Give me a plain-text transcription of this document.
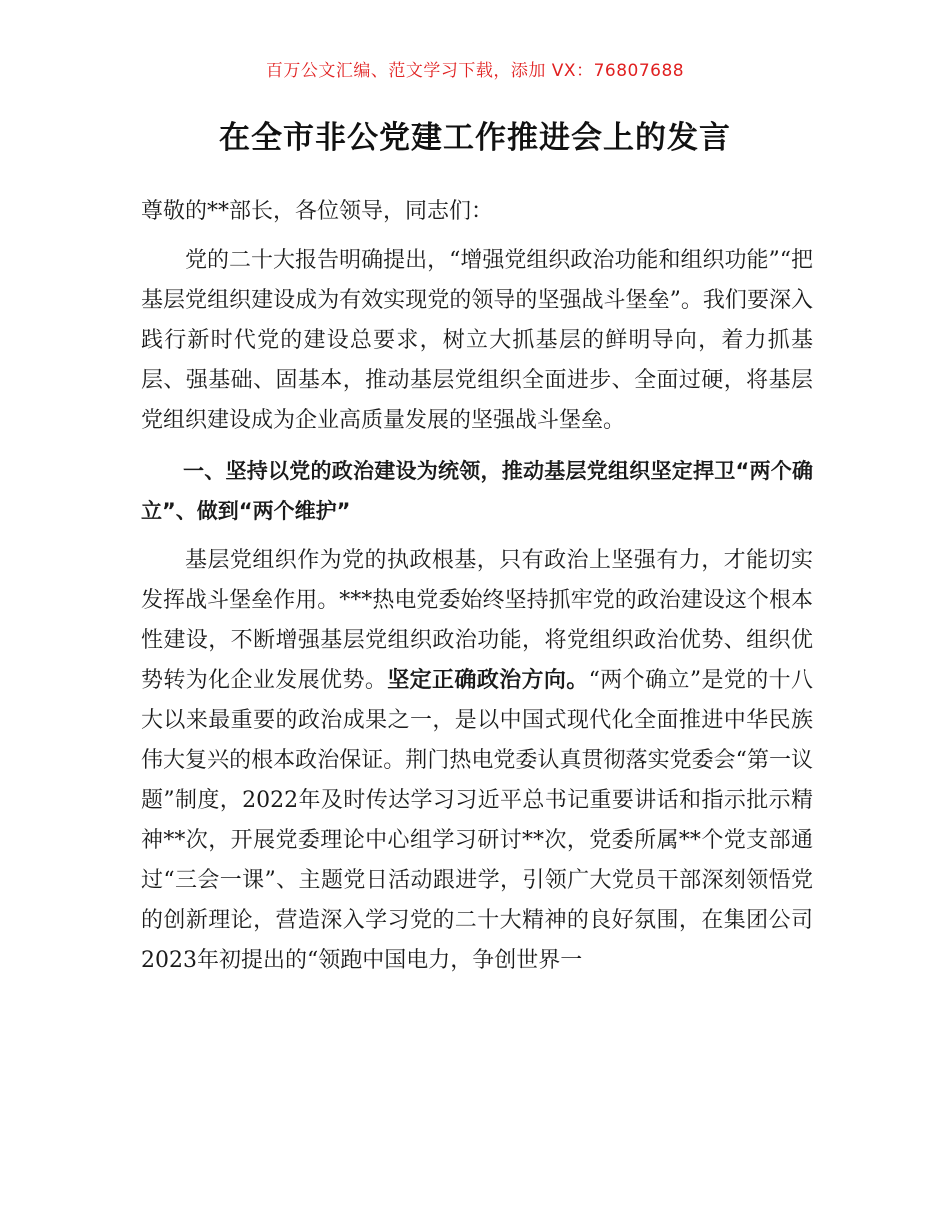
百万公文汇编、范文学习下载，添加 VX：76807688
在全市非公党建工作推进会上的发言

尊敬的**部长，各位领导，同志们：

党的二十大报告明确提出，“增强党组织政治功能和组织功能”“把基层党组织建设成为有效实现党的领导的坚强战斗堡垒”。我们要深入践行新时代党的建设总要求，树立大抓基层的鲜明导向，着力抓基层、强基础、固基本，推动基层党组织全面进步、全面过硬，将基层党组织建设成为企业高质量发展的坚强战斗堡垒。

一、坚持以党的政治建设为统领，推动基层党组织坚定捍卫“两个确立”、做到“两个维护”

基层党组织作为党的执政根基，只有政治上坚强有力，才能切实发挥战斗堡垒作用。***热电党委始终坚持抓牢党的政治建设这个根本性建设，不断增强基层党组织政治功能，将党组织政治优势、组织优势转为化企业发展优势。坚定正确政治方向。“两个确立”是党的十八大以来最重要的政治成果之一，是以中国式现代化全面推进中华民族伟大复兴的根本政治保证。荆门热电党委认真贯彻落实党委会“第一议题”制度，2022年及时传达学习习近平总书记重要讲话和指示批示精神**次，开展党委理论中心组学习研讨**次，党委所属**个党支部通过“三会一课”、主题党日活动跟进学，引领广大党员干部深刻领悟党的创新理论，营造深入学习党的二十大精神的良好氛围，在集团公司2023年初提出的“领跑中国电力，争创世界一
